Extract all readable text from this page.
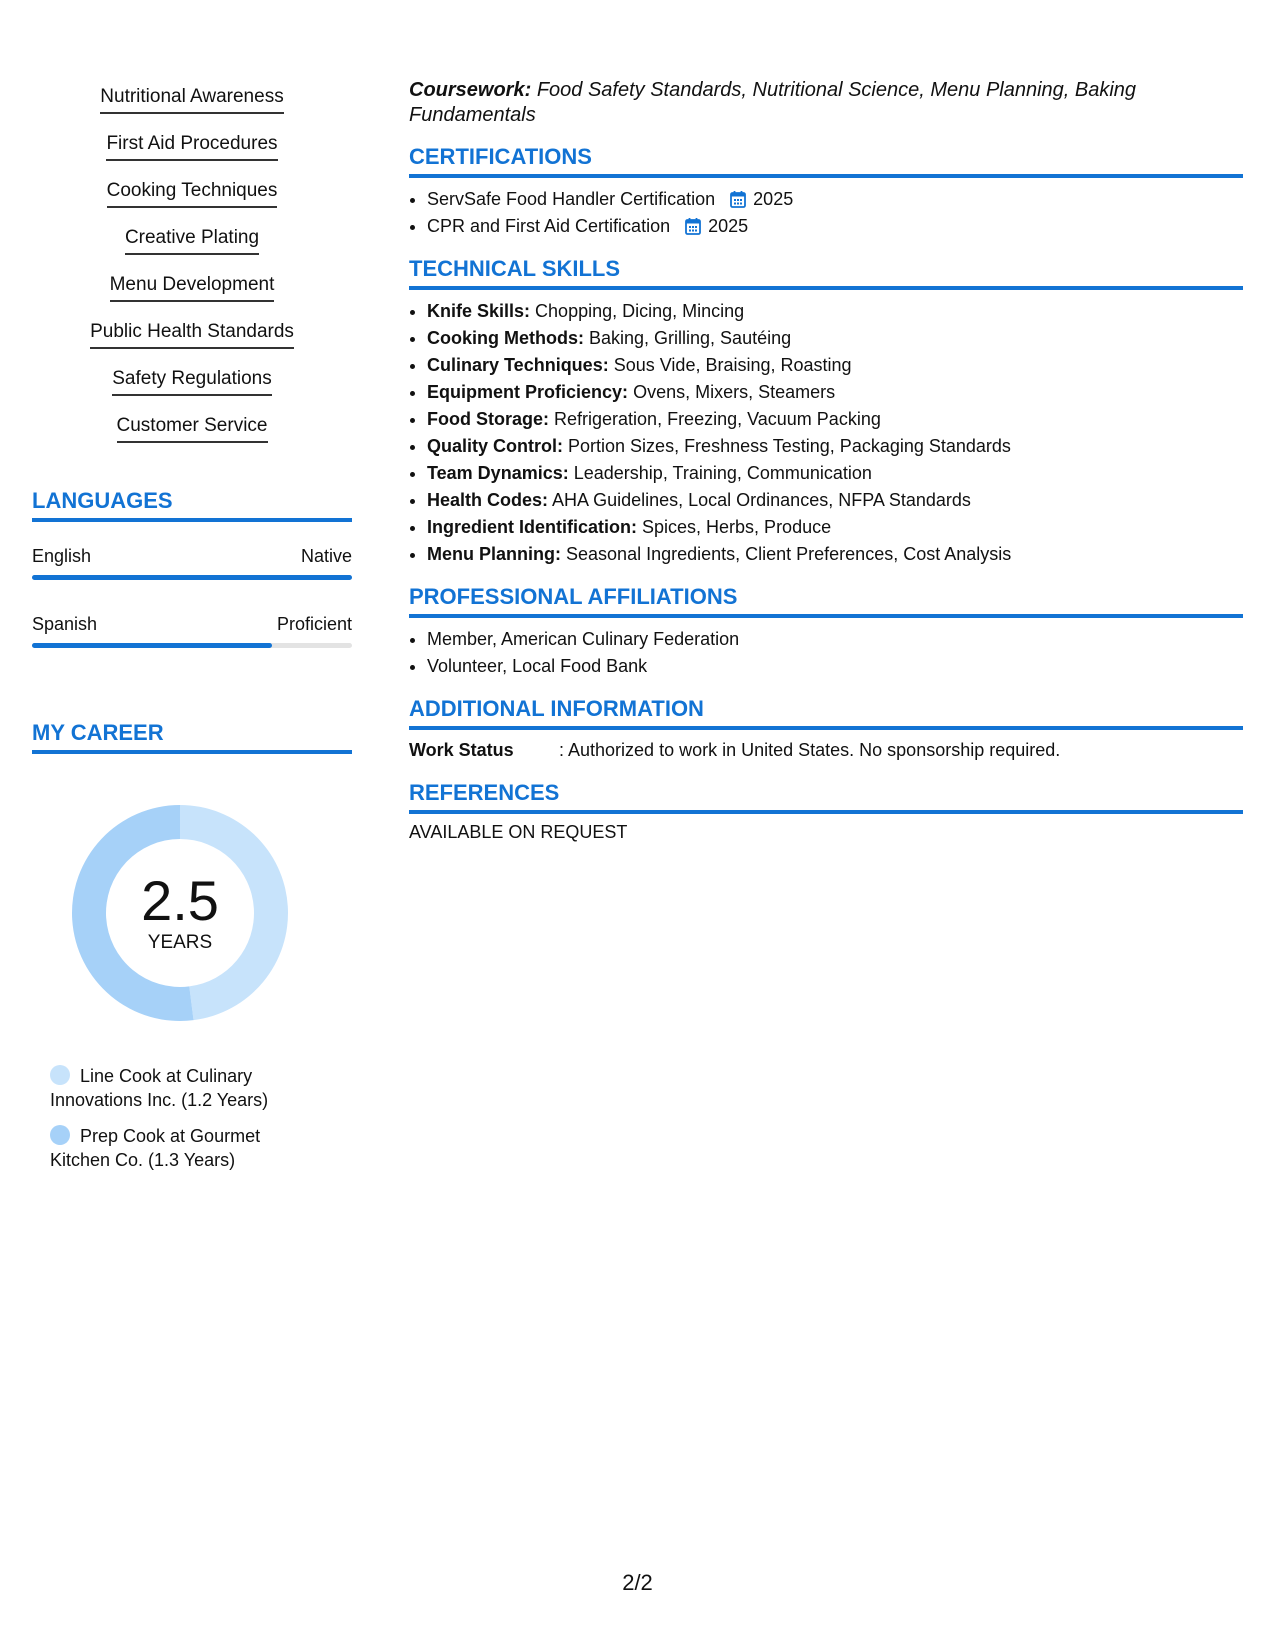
Nutritional Awareness
First Aid Procedures
Cooking Techniques
Creative Plating
Menu Development
Public Health Standards
Safety Regulations
Customer Service
LANGUAGES
English	Native
Spanish	Proficient
MY CAREER
2.5
YEARS
Line Cook at Culinary Innovations Inc. (1.2 Years)
Prep Cook at Gourmet Kitchen Co. (1.3 Years)

Coursework: Food Safety Standards, Nutritional Science, Menu Planning, Baking Fundamentals

CERTIFICATIONS
• ServSafe Food Handler Certification 2025
• CPR and First Aid Certification 2025
TECHNICAL SKILLS
• Knife Skills: Chopping, Dicing, Mincing
• Cooking Methods: Baking, Grilling, Sautéing
• Culinary Techniques: Sous Vide, Braising, Roasting
• Equipment Proficiency: Ovens, Mixers, Steamers
• Food Storage: Refrigeration, Freezing, Vacuum Packing
• Quality Control: Portion Sizes, Freshness Testing, Packaging Standards
• Team Dynamics: Leadership, Training, Communication
• Health Codes: AHA Guidelines, Local Ordinances, NFPA Standards
• Ingredient Identification: Spices, Herbs, Produce
• Menu Planning: Seasonal Ingredients, Client Preferences, Cost Analysis
PROFESSIONAL AFFILIATIONS
• Member, American Culinary Federation
• Volunteer, Local Food Bank
ADDITIONAL INFORMATION
Work Status	: Authorized to work in United States. No sponsorship required.
REFERENCES

AVAILABLE ON REQUEST

2/2
